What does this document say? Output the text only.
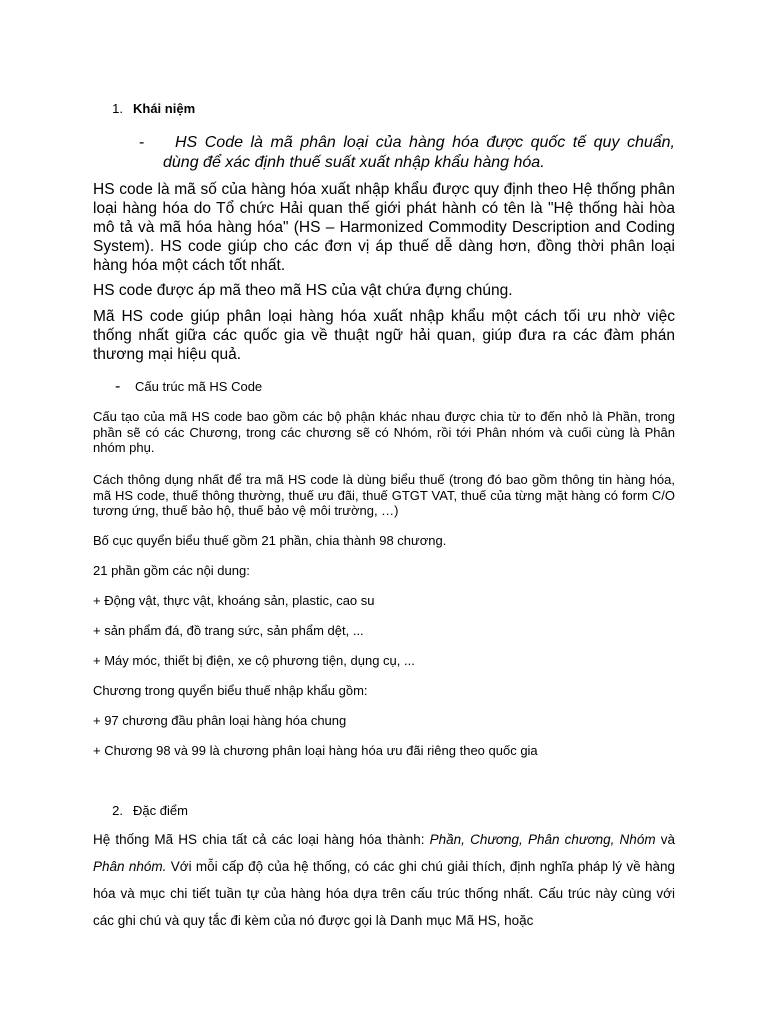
1. Khái niệm
-	HS Code là mã phân loại của hàng hóa được quốc tế quy chuẩn, dùng để xác định thuế suất xuất nhập khẩu hàng hóa.

HS code là mã số của hàng hóa xuất nhập khẩu được quy định theo Hệ thống phân loại hàng hóa do Tổ chức Hải quan thế giới phát hành có tên là "Hệ thống hài hòa mô tả và mã hóa hàng hóa" (HS – Harmonized Commodity Description and Coding System). HS code giúp cho các đơn vị áp thuế dễ dàng hơn, đồng thời phân loại hàng hóa một cách tốt nhất.

HS code được áp mã theo mã HS của vật chứa đựng chúng.

Mã HS code giúp phân loại hàng hóa xuất nhập khẩu một cách tối ưu nhờ việc thống nhất giữa các quốc gia về thuật ngữ hải quan, giúp đưa ra các đàm phán thương mại hiệu quả.

- Cấu trúc mã HS Code

Cấu tạo của mã HS code bao gồm các bộ phận khác nhau được chia từ to đến nhỏ là Phần, trong phần sẽ có các Chương, trong các chương sẽ có Nhóm, rồi tới Phân nhóm và cuối cùng là Phân nhóm phụ.

Cách thông dụng nhất để tra mã HS code là dùng biểu thuế (trong đó bao gồm thông tin hàng hóa, mã HS code, thuế thông thường, thuế ưu đãi, thuế GTGT VAT, thuế của từng mặt hàng có form C/O tương ứng, thuế bảo hộ, thuế bảo vệ môi trường, …)

Bố cục quyển biểu thuế gồm 21 phần, chia thành 98 chương.

21 phần gồm các nội dung:

+ Động vật, thực vật, khoáng sản, plastic, cao su

+ sản phẩm đá, đồ trang sức, sản phẩm dệt, ...

+ Máy móc, thiết bị điện, xe cộ phương tiện, dụng cụ, ...

Chương trong quyển biểu thuế nhập khẩu gồm:

+ 97 chương đầu phân loại hàng hóa chung

+ Chương 98 và 99 là chương phân loại hàng hóa ưu đãi riêng theo quốc gia

2. Đặc điểm

Hệ thống Mã HS chia tất cả các loại hàng hóa thành: Phần, Chương, Phân chương, Nhóm và Phân nhóm. Với mỗi cấp độ của hệ thống, có các ghi chú giải thích, định nghĩa pháp lý về hàng hóa và mục chi tiết tuần tự của hàng hóa dựa trên cấu trúc thống nhất. Cấu trúc này cùng với các ghi chú và quy tắc đi kèm của nó được gọi là Danh mục Mã HS, hoặc
